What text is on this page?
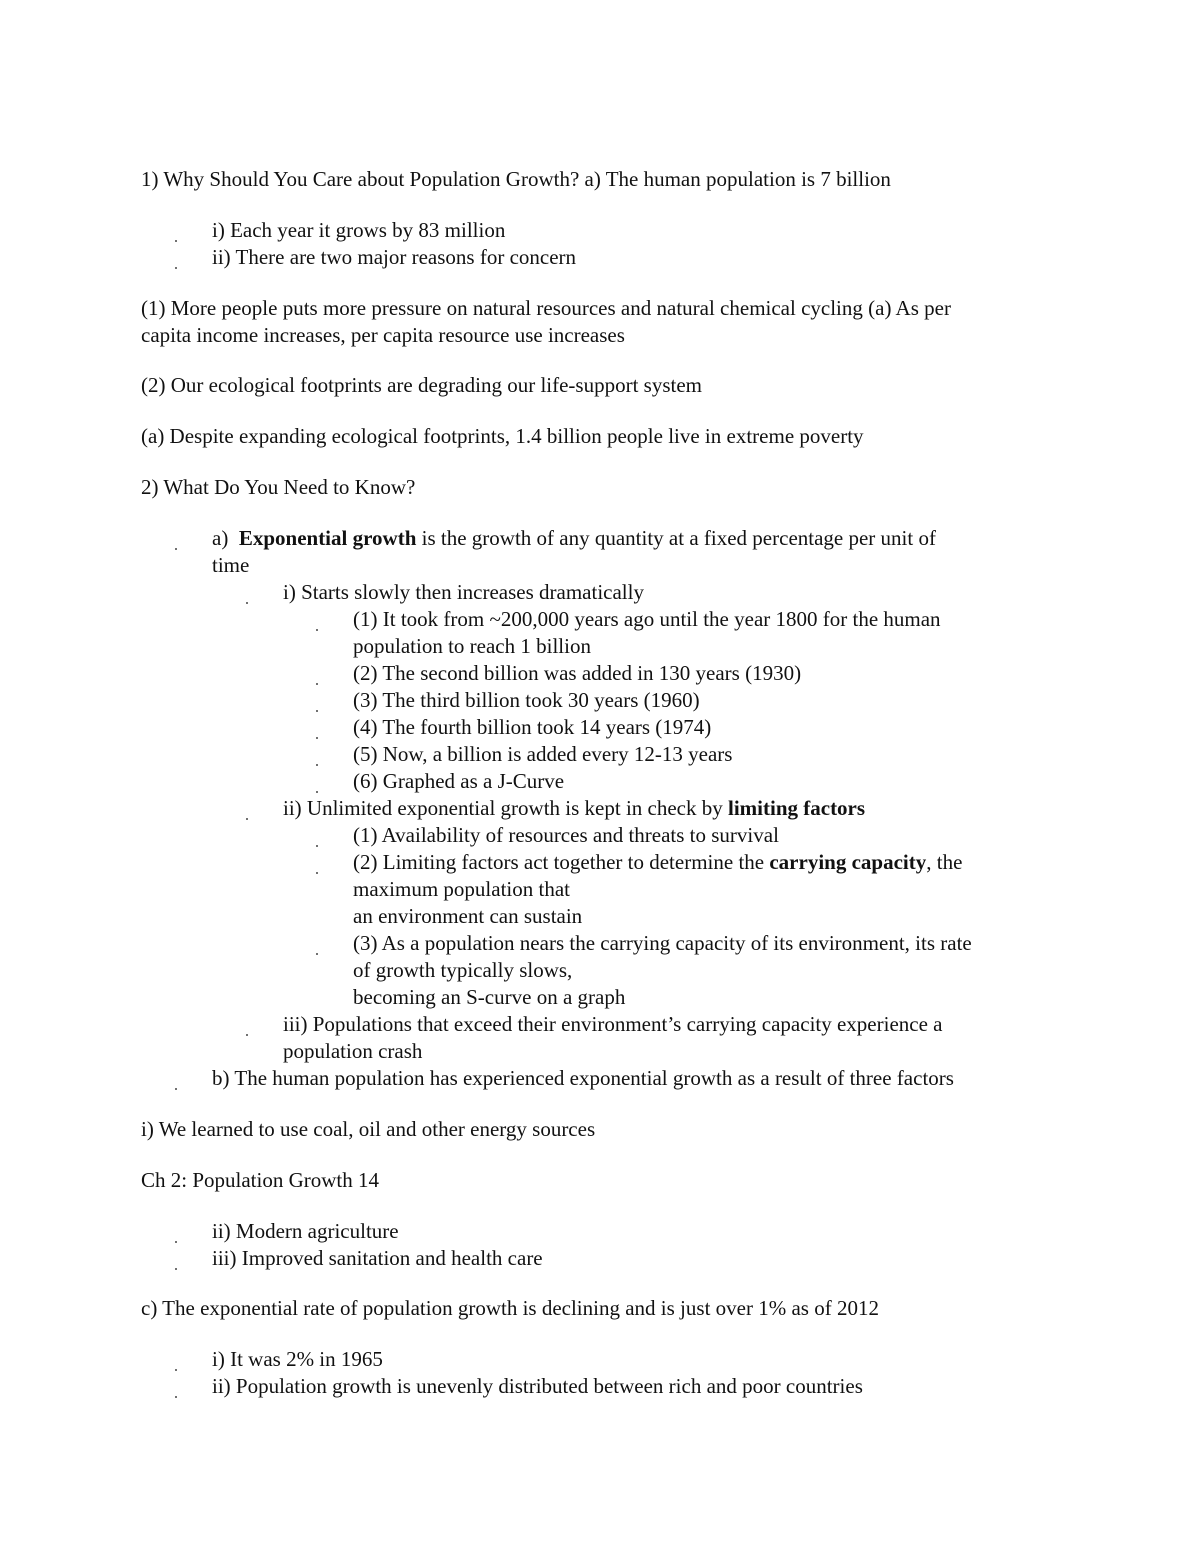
1) Why Should You Care about Population Growth? a) The human population is 7 billion
i) Each year it grows by 83 million
ii) There are two major reasons for concern
(1) More people puts more pressure on natural resources and natural chemical cycling (a) As per
capita income increases, per capita resource use increases
(2) Our ecological footprints are degrading our life-support system
(a) Despite expanding ecological footprints, 1.4 billion people live in extreme poverty
2) What Do You Need to Know?
a) Exponential growth is the growth of any quantity at a fixed percentage per unit of
time
i) Starts slowly then increases dramatically
(1) It took from ~200,000 years ago until the year 1800 for the human
population to reach 1 billion
(2) The second billion was added in 130 years (1930)
(3) The third billion took 30 years (1960)
(4) The fourth billion took 14 years (1974)
(5) Now, a billion is added every 12-13 years
(6) Graphed as a J-Curve
ii) Unlimited exponential growth is kept in check by limiting factors
(1) Availability of resources and threats to survival
(2) Limiting factors act together to determine the carrying capacity, the
maximum population that
an environment can sustain
(3) As a population nears the carrying capacity of its environment, its rate
of growth typically slows,
becoming an S-curve on a graph
iii) Populations that exceed their environment’s carrying capacity experience a
population crash
b) The human population has experienced exponential growth as a result of three factors
i) We learned to use coal, oil and other energy sources
Ch 2: Population Growth 14
ii) Modern agriculture
iii) Improved sanitation and health care
c) The exponential rate of population growth is declining and is just over 1% as of 2012
i) It was 2% in 1965
ii) Population growth is unevenly distributed between rich and poor countries
